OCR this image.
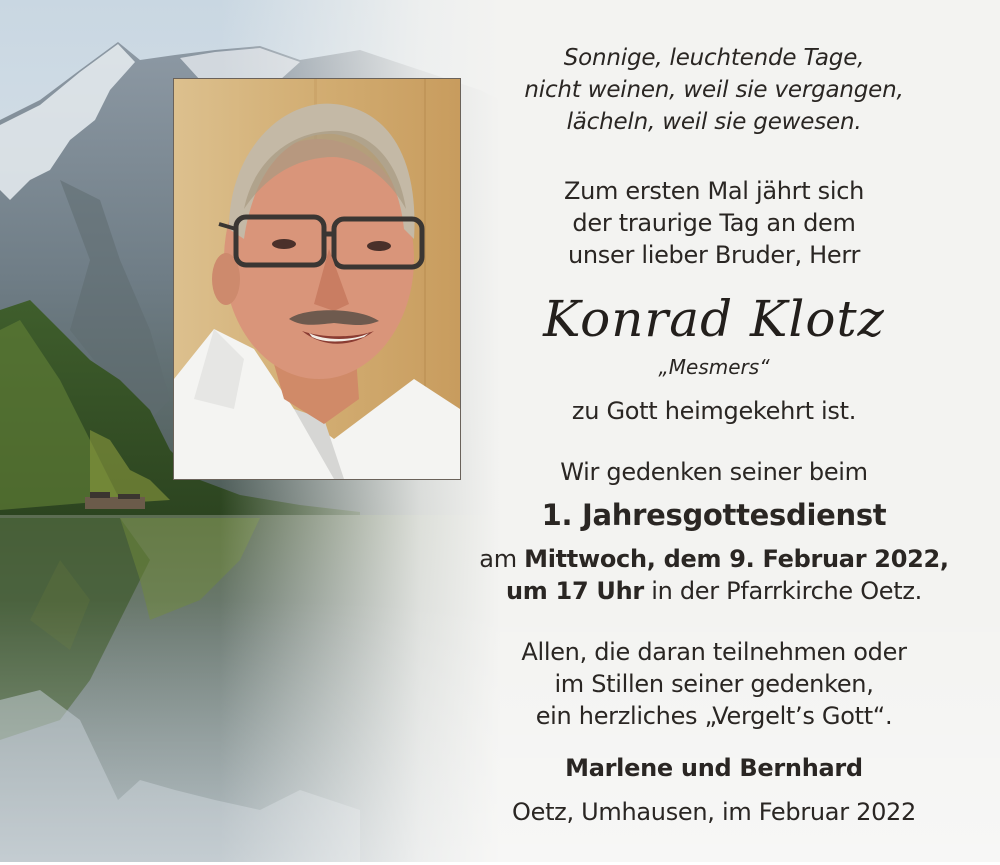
Sonnige, leuchtende Tage,
nicht weinen, weil sie vergangen,
lächeln, weil sie gewesen.
Zum ersten Mal jährt sich
der traurige Tag an dem
unser lieber Bruder, Herr
Konrad Klotz
„Mesmers“
zu Gott heimgekehrt ist.
Wir gedenken seiner beim
1. Jahresgottesdienst
am Mittwoch, dem 9. Februar 2022,
um 17 Uhr in der Pfarrkirche Oetz.
Allen, die daran teilnehmen oder
im Stillen seiner gedenken,
ein herzliches „Vergelt’s Gott“.
Marlene und Bernhard
Oetz, Umhausen, im Februar 2022
